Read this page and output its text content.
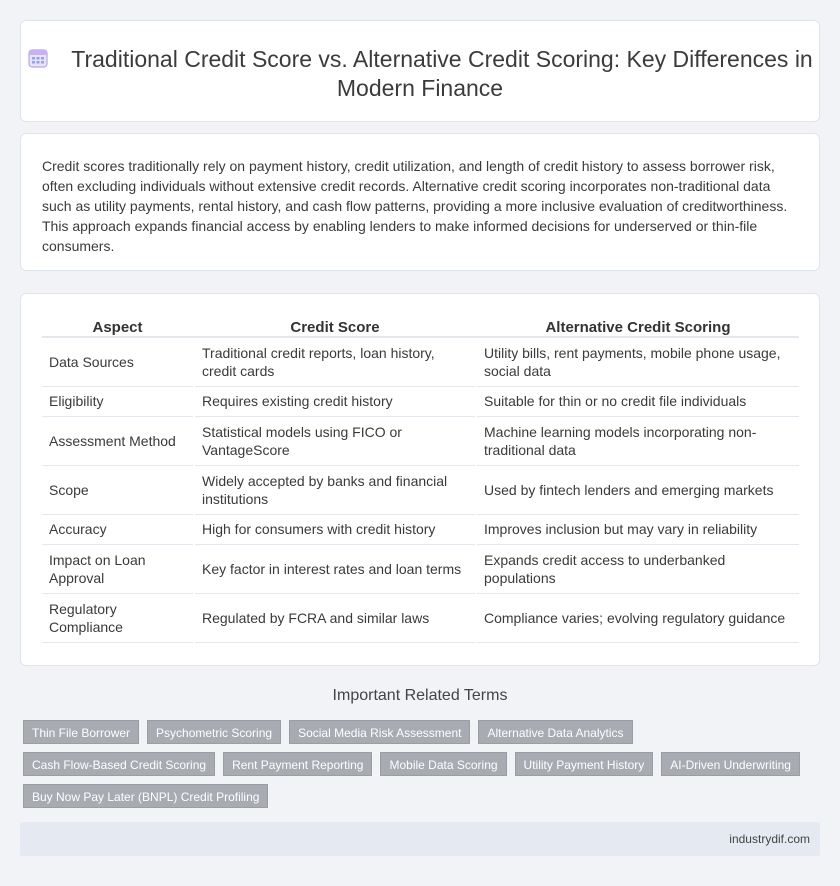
Traditional Credit Score vs. Alternative Credit Scoring: Key Differences in Modern Finance

Credit scores traditionally rely on payment history, credit utilization, and length of credit history to assess borrower risk, often excluding individuals without extensive credit records. Alternative credit scoring incorporates non-traditional data such as utility payments, rental history, and cash flow patterns, providing a more inclusive evaluation of creditworthiness. This approach expands financial access by enabling lenders to make informed decisions for underserved or thin-file consumers.

Aspect	Credit Score	Alternative Credit Scoring
Data Sources	Traditional credit reports, loan history, credit cards	Utility bills, rent payments, mobile phone usage, social data
Eligibility	Requires existing credit history	Suitable for thin or no credit file individuals
Assessment Method	Statistical models using FICO or VantageScore	Machine learning models incorporating non-traditional data
Scope	Widely accepted by banks and financial institutions	Used by fintech lenders and emerging markets
Accuracy	High for consumers with credit history	Improves inclusion but may vary in reliability
Impact on Loan Approval	Key factor in interest rates and loan terms	Expands credit access to underbanked populations
Regulatory Compliance	Regulated by FCRA and similar laws	Compliance varies; evolving regulatory guidance
Important Related Terms
Thin File Borrower	Psychometric Scoring	Social Media Risk Assessment	Alternative Data Analytics
Cash Flow-Based Credit Scoring	Rent Payment Reporting	Mobile Data Scoring	Utility Payment History	AI-Driven Underwriting
Buy Now Pay Later (BNPL) Credit Profiling
industrydif.com
